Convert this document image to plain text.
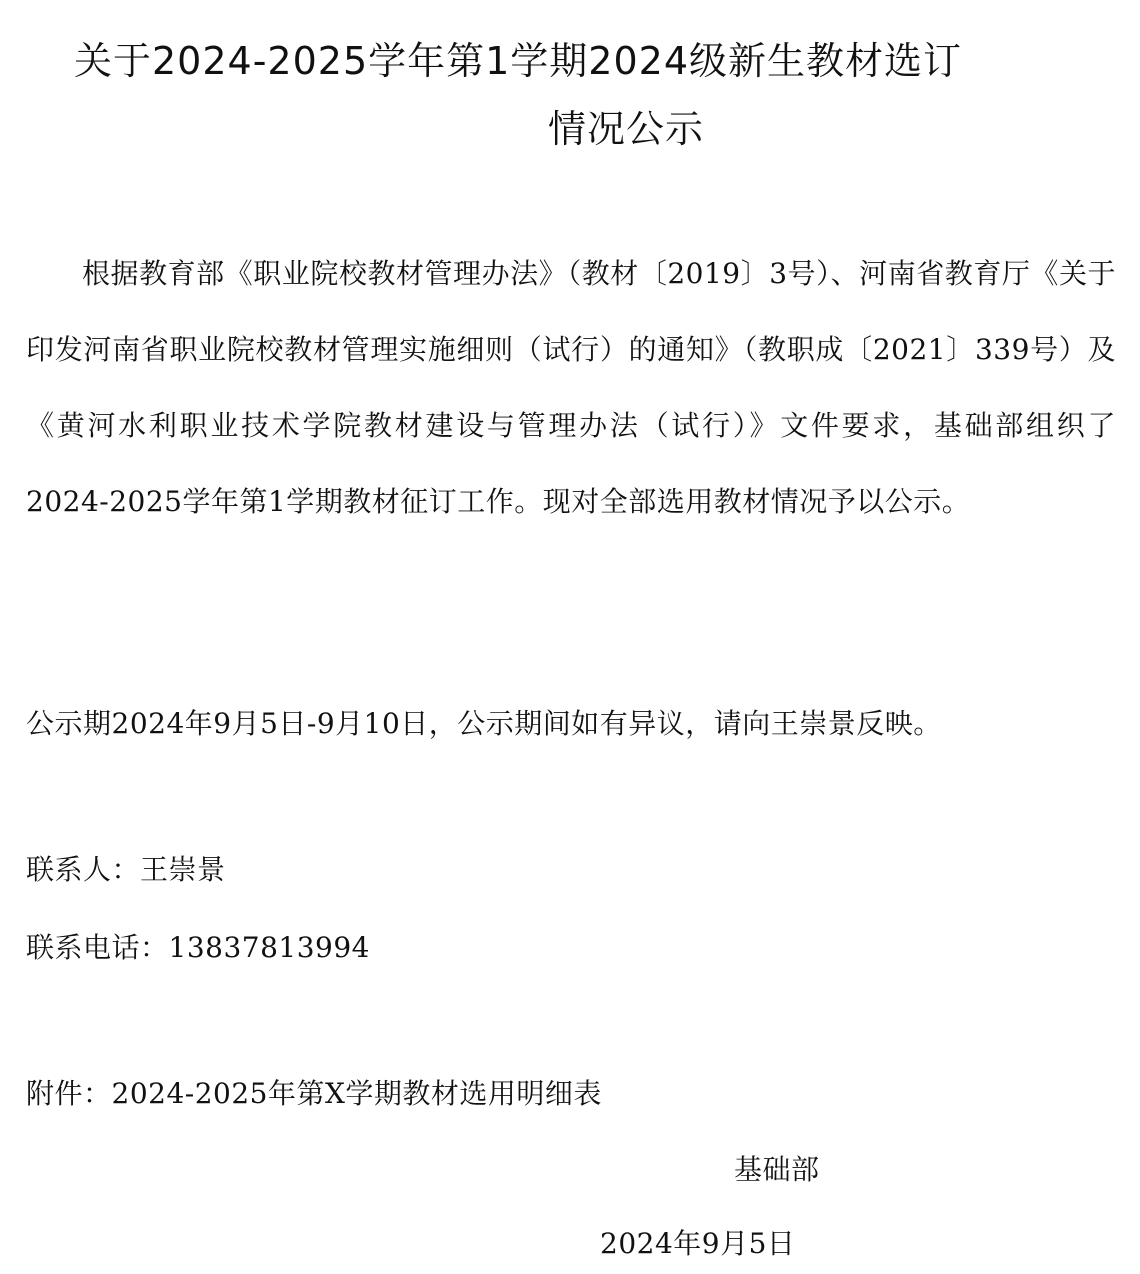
关于2024-2025学年第1学期2024级新生教材选订
情况公示
根据教育部《职业院校教材管理办法》（教材〔2019〕3号）、河南省教育厅《关于印发河南省职业院校教材管理实施细则（试行）的通知》（教职成〔2021〕339号）及《黄河水利职业技术学院教材建设与管理办法（试行）》文件要求，基础部组织了2024-2025学年第1学期教材征订工作。现对全部选用教材情况予以公示。
公示期2024年9月5日-9月10日，公示期间如有异议，请向王崇景反映。
联系人：王崇景
联系电话：13837813994
附件：2024-2025年第X学期教材选用明细表
基础部
2024年9月5日
